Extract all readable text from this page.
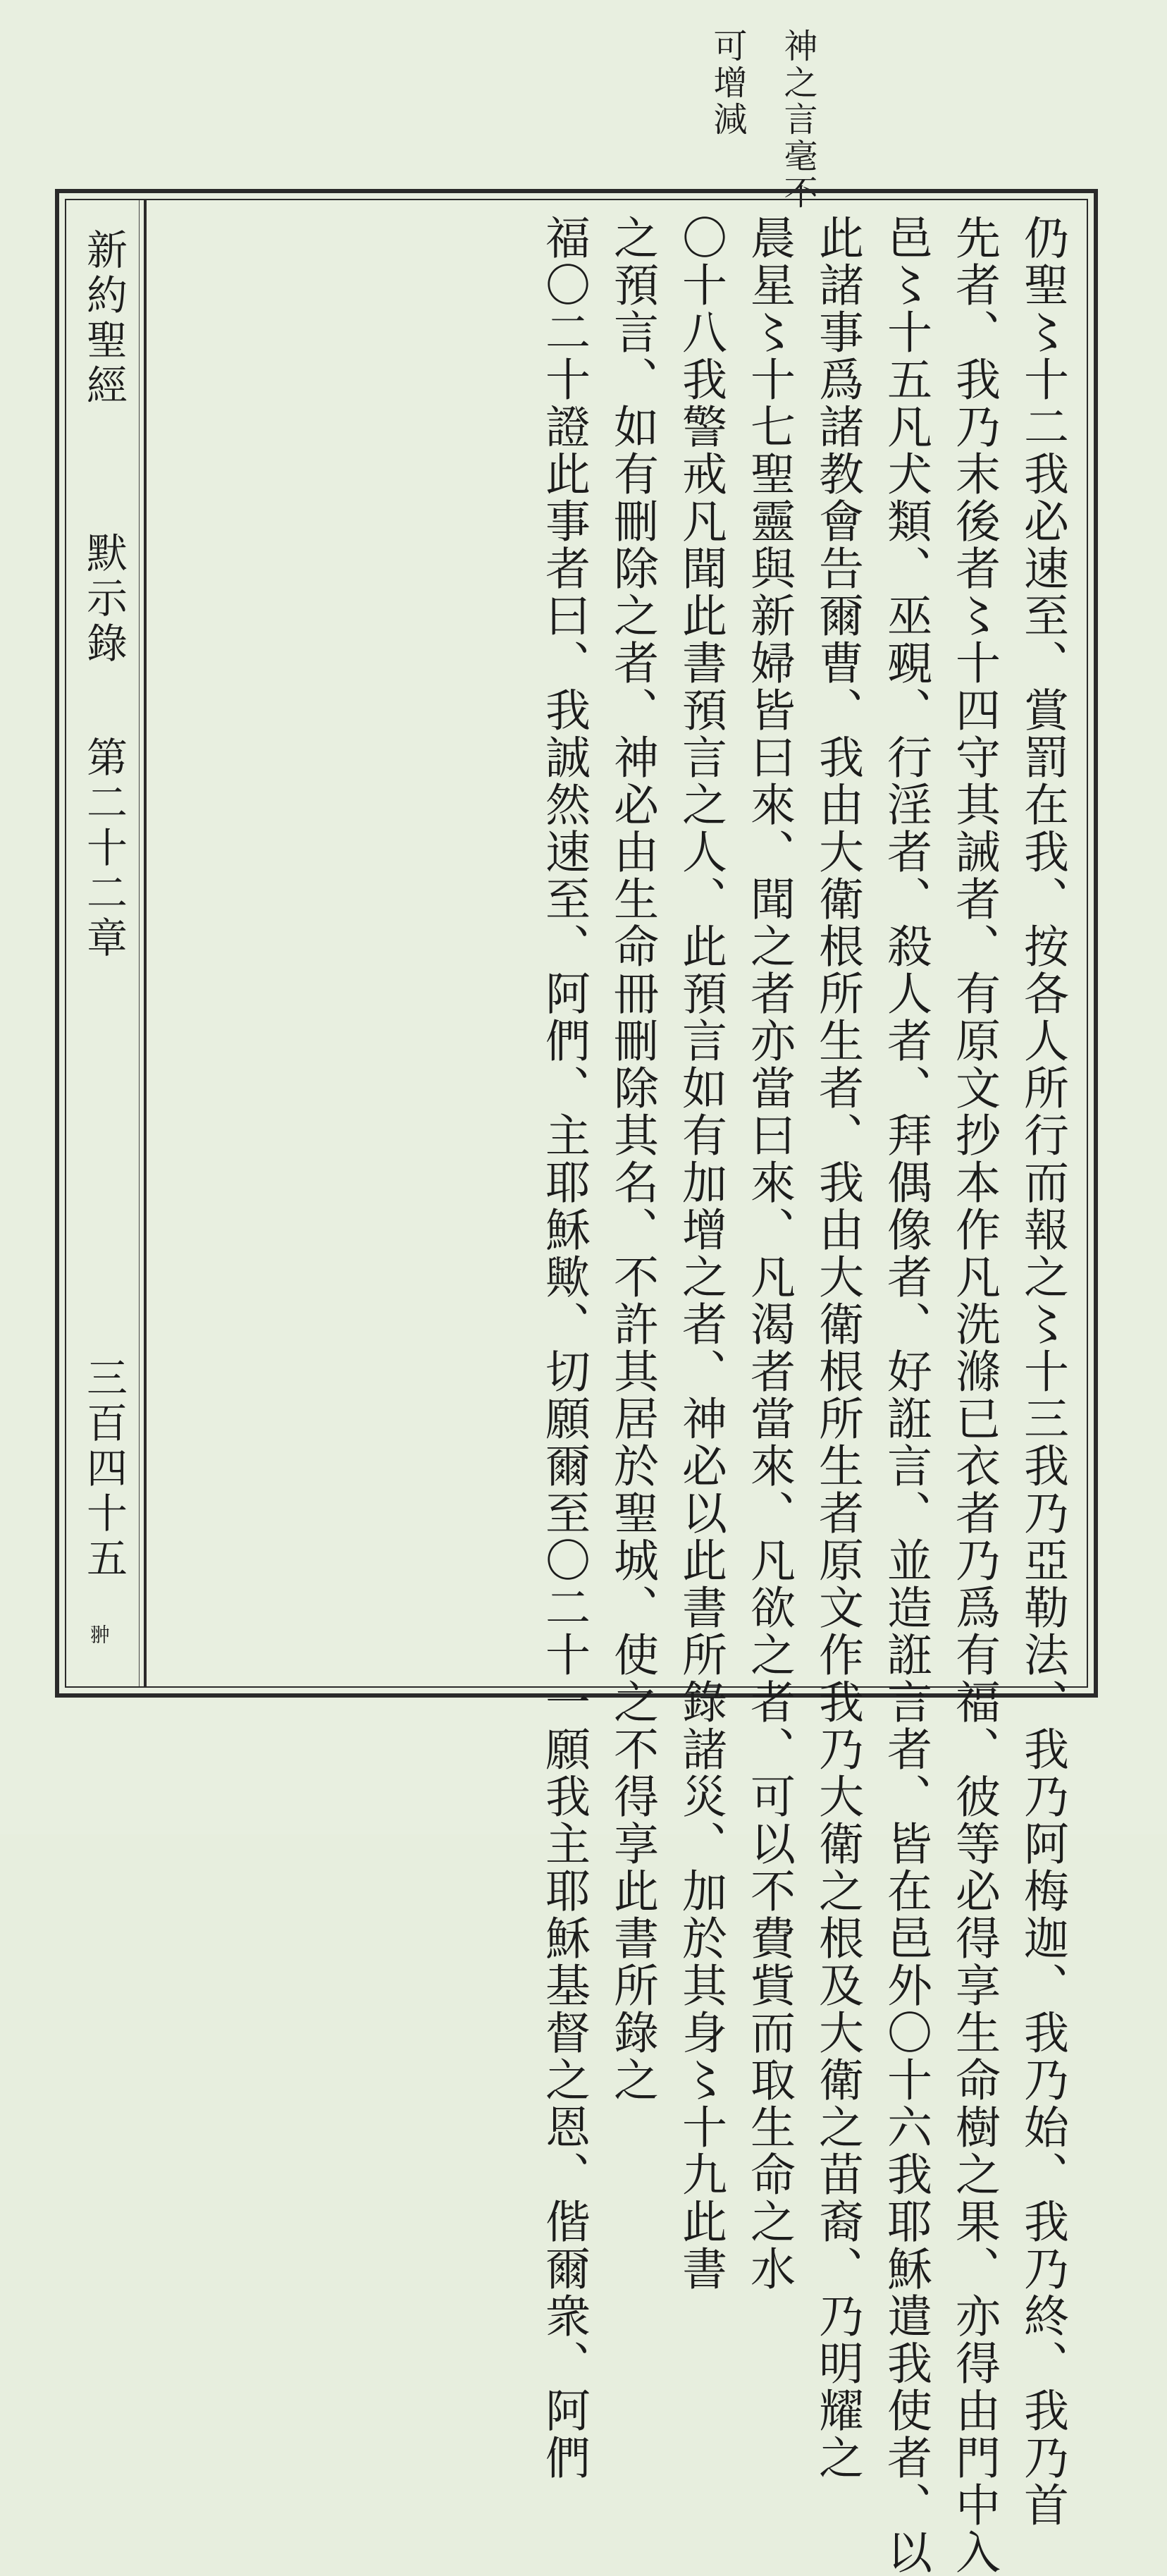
神之言毫不
可增減
新約聖經
默示錄
第二十二章
三百四十五
翀	仍聖〻十二我必速至、賞罰在我、按各人所行而報之〻十三我乃亞勒法、我乃阿梅迦、我乃始、我乃終、我乃首
先者、我乃末後者〻十四守其誡者、有原文抄本作凡洗滌已衣者乃爲有福、彼等必得享生命樹之果、亦得由門中入
邑〻十五凡犬類、巫覡、行淫者、殺人者、拜偶像者、好誑言、並造誑言者、皆在邑外〇十六我耶穌遣我使者、以
此諸事爲諸教會告爾曹、我由大衛根所生者、我由大衛根所生者原文作我乃大衛之根及大衛之苗裔、乃明耀之
晨星〻十七聖靈與新婦皆曰來、聞之者亦當曰來、凡渴者當來、凡欲之者、可以不費貲而取生命之水
〇十八我警戒凡聞此書預言之人、此預言如有加增之者、神必以此書所錄諸災、加於其身〻十九此書
之預言、如有刪除之者、神必由生命冊刪除其名、不許其居於聖城、使之不得享此書所錄之
福〇二十證此事者曰、我誠然速至、阿們、主耶穌歟、切願爾至〇二十一願我主耶穌基督之恩、偕爾衆、阿們
